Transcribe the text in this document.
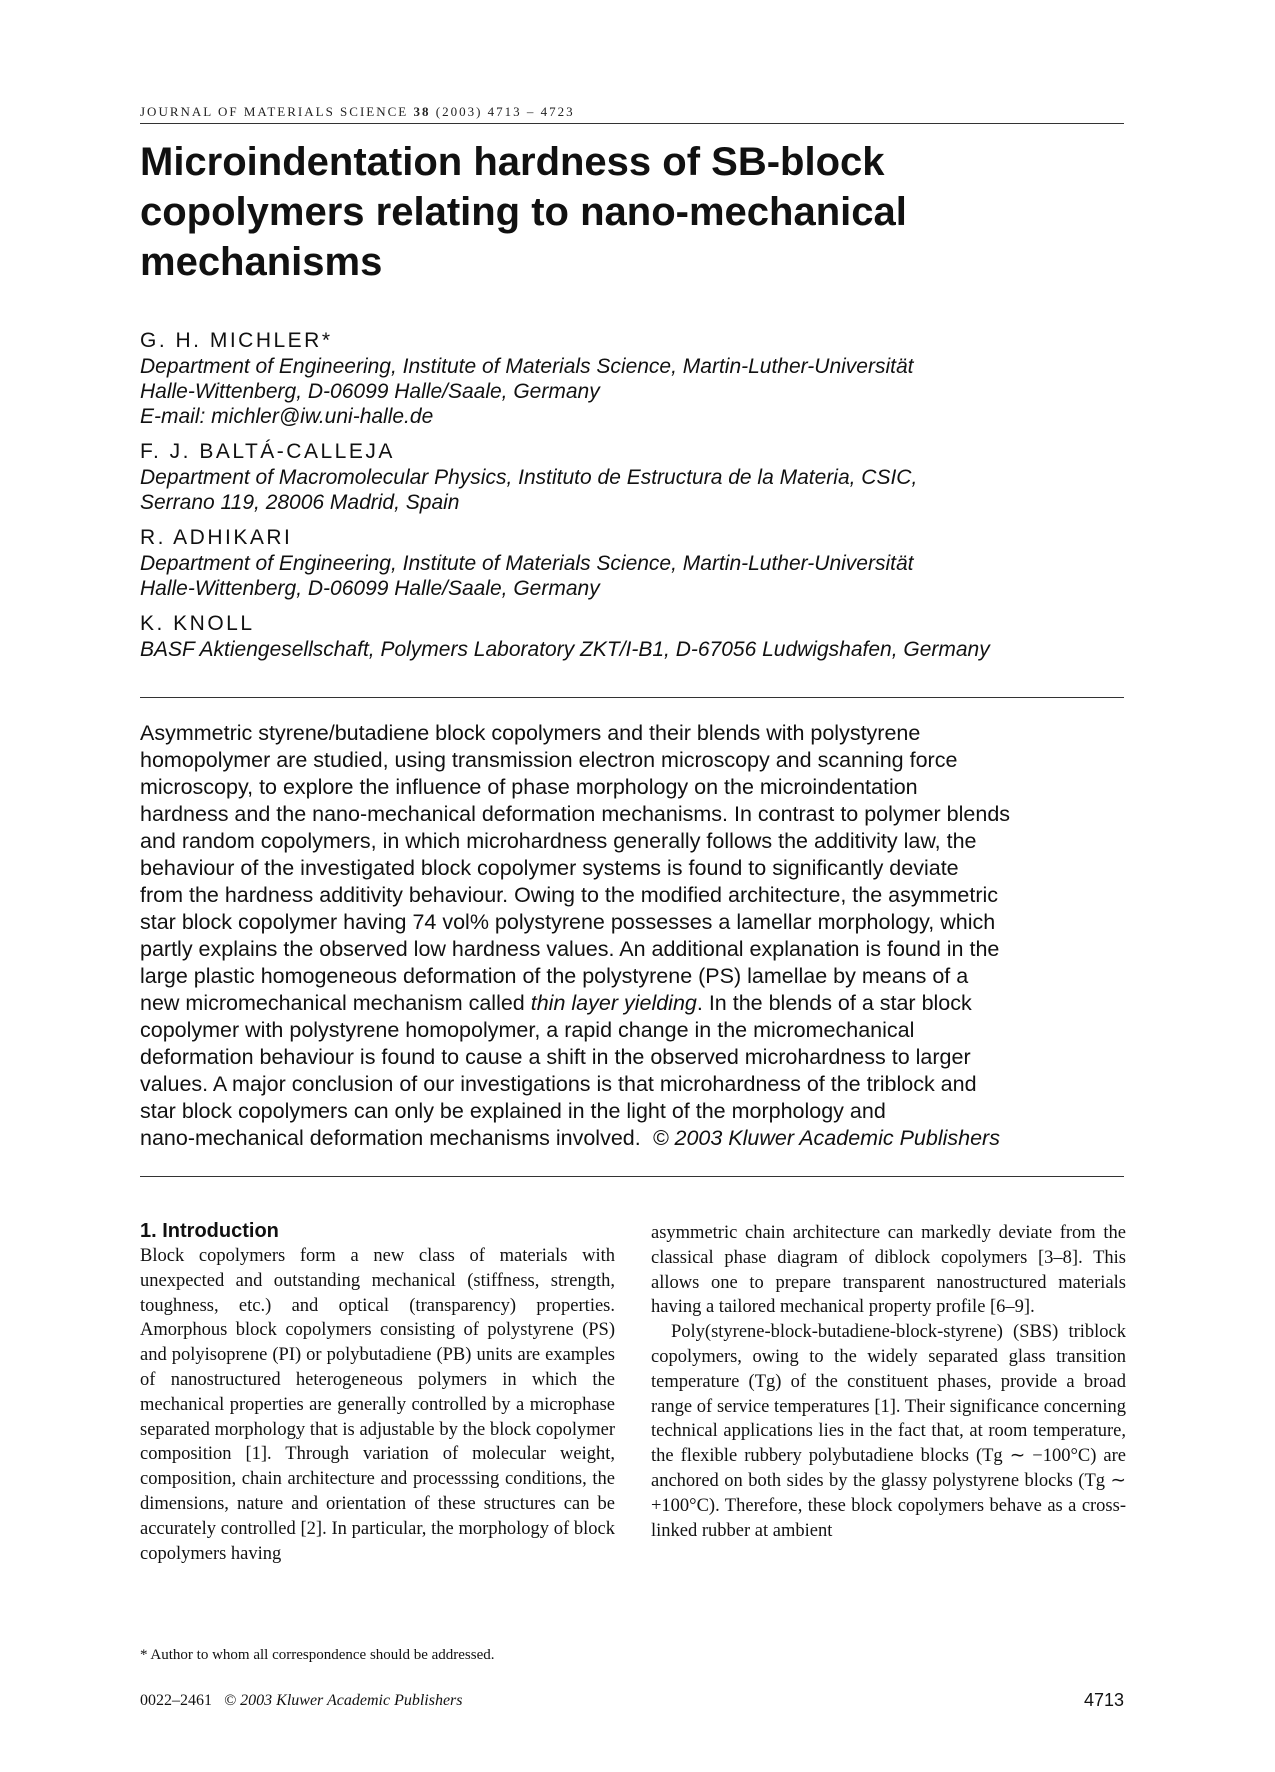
JOURNAL OF MATERIALS SCIENCE 38 (2003) 4713 – 4723
Microindentation hardness of SB-block
copolymers relating to nano-mechanical
mechanisms
G. H. MICHLER*
Department of Engineering, Institute of Materials Science, Martin-Luther-Universität
Halle-Wittenberg, D-06099 Halle/Saale, Germany
E-mail: michler@iw.uni-halle.de
F. J. BALTÁ-CALLEJA
Department of Macromolecular Physics, Instituto de Estructura de la Materia, CSIC,
Serrano 119, 28006 Madrid, Spain
R. ADHIKARI
Department of Engineering, Institute of Materials Science, Martin-Luther-Universität
Halle-Wittenberg, D-06099 Halle/Saale, Germany
K. KNOLL
BASF Aktiengesellschaft, Polymers Laboratory ZKT/I-B1, D-67056 Ludwigshafen, Germany
Asymmetric styrene/butadiene block copolymers and their blends with polystyrene
homopolymer are studied, using transmission electron microscopy and scanning force
microscopy, to explore the influence of phase morphology on the microindentation
hardness and the nano-mechanical deformation mechanisms. In contrast to polymer blends
and random copolymers, in which microhardness generally follows the additivity law, the
behaviour of the investigated block copolymer systems is found to significantly deviate
from the hardness additivity behaviour. Owing to the modified architecture, the asymmetric
star block copolymer having 74 vol% polystyrene possesses a lamellar morphology, which
partly explains the observed low hardness values. An additional explanation is found in the
large plastic homogeneous deformation of the polystyrene (PS) lamellae by means of a
new micromechanical mechanism called thin layer yielding. In the blends of a star block
copolymer with polystyrene homopolymer, a rapid change in the micromechanical
deformation behaviour is found to cause a shift in the observed microhardness to larger
values. A major conclusion of our investigations is that microhardness of the triblock and
star block copolymers can only be explained in the light of the morphology and
nano-mechanical deformation mechanisms involved. © 2003 Kluwer Academic Publishers
1. Introduction

Block copolymers form a new class of materials with unexpected and outstanding mechanical (stiffness, strength, toughness, etc.) and optical (transparency) properties. Amorphous block copolymers consisting of polystyrene (PS) and polyisoprene (PI) or polybutadiene (PB) units are examples of nanostructured heterogeneous polymers in which the mechanical properties are generally controlled by a microphase separated morphology that is adjustable by the block copolymer composition [1]. Through variation of molecular weight, composition, chain architecture and processsing conditions, the dimensions, nature and orientation of these structures can be accurately controlled [2]. In particular, the morphology of block copolymers having

asymmetric chain architecture can markedly deviate from the classical phase diagram of diblock copolymers [3–8]. This allows one to prepare transparent nanostructured materials having a tailored mechanical property profile [6–9].

Poly(styrene-block-butadiene-block-styrene) (SBS) triblock copolymers, owing to the widely separated glass transition temperature (Tg) of the constituent phases, provide a broad range of service temperatures [1]. Their significance concerning technical applications lies in the fact that, at room temperature, the flexible rubbery polybutadiene blocks (Tg ∼ −100°C) are anchored on both sides by the glassy polystyrene blocks (Tg ∼ +100°C). Therefore, these block copolymers behave as a cross-linked rubber at ambient

* Author to whom all correspondence should be addressed.
0022–2461 © 2003 Kluwer Academic Publishers	4713
